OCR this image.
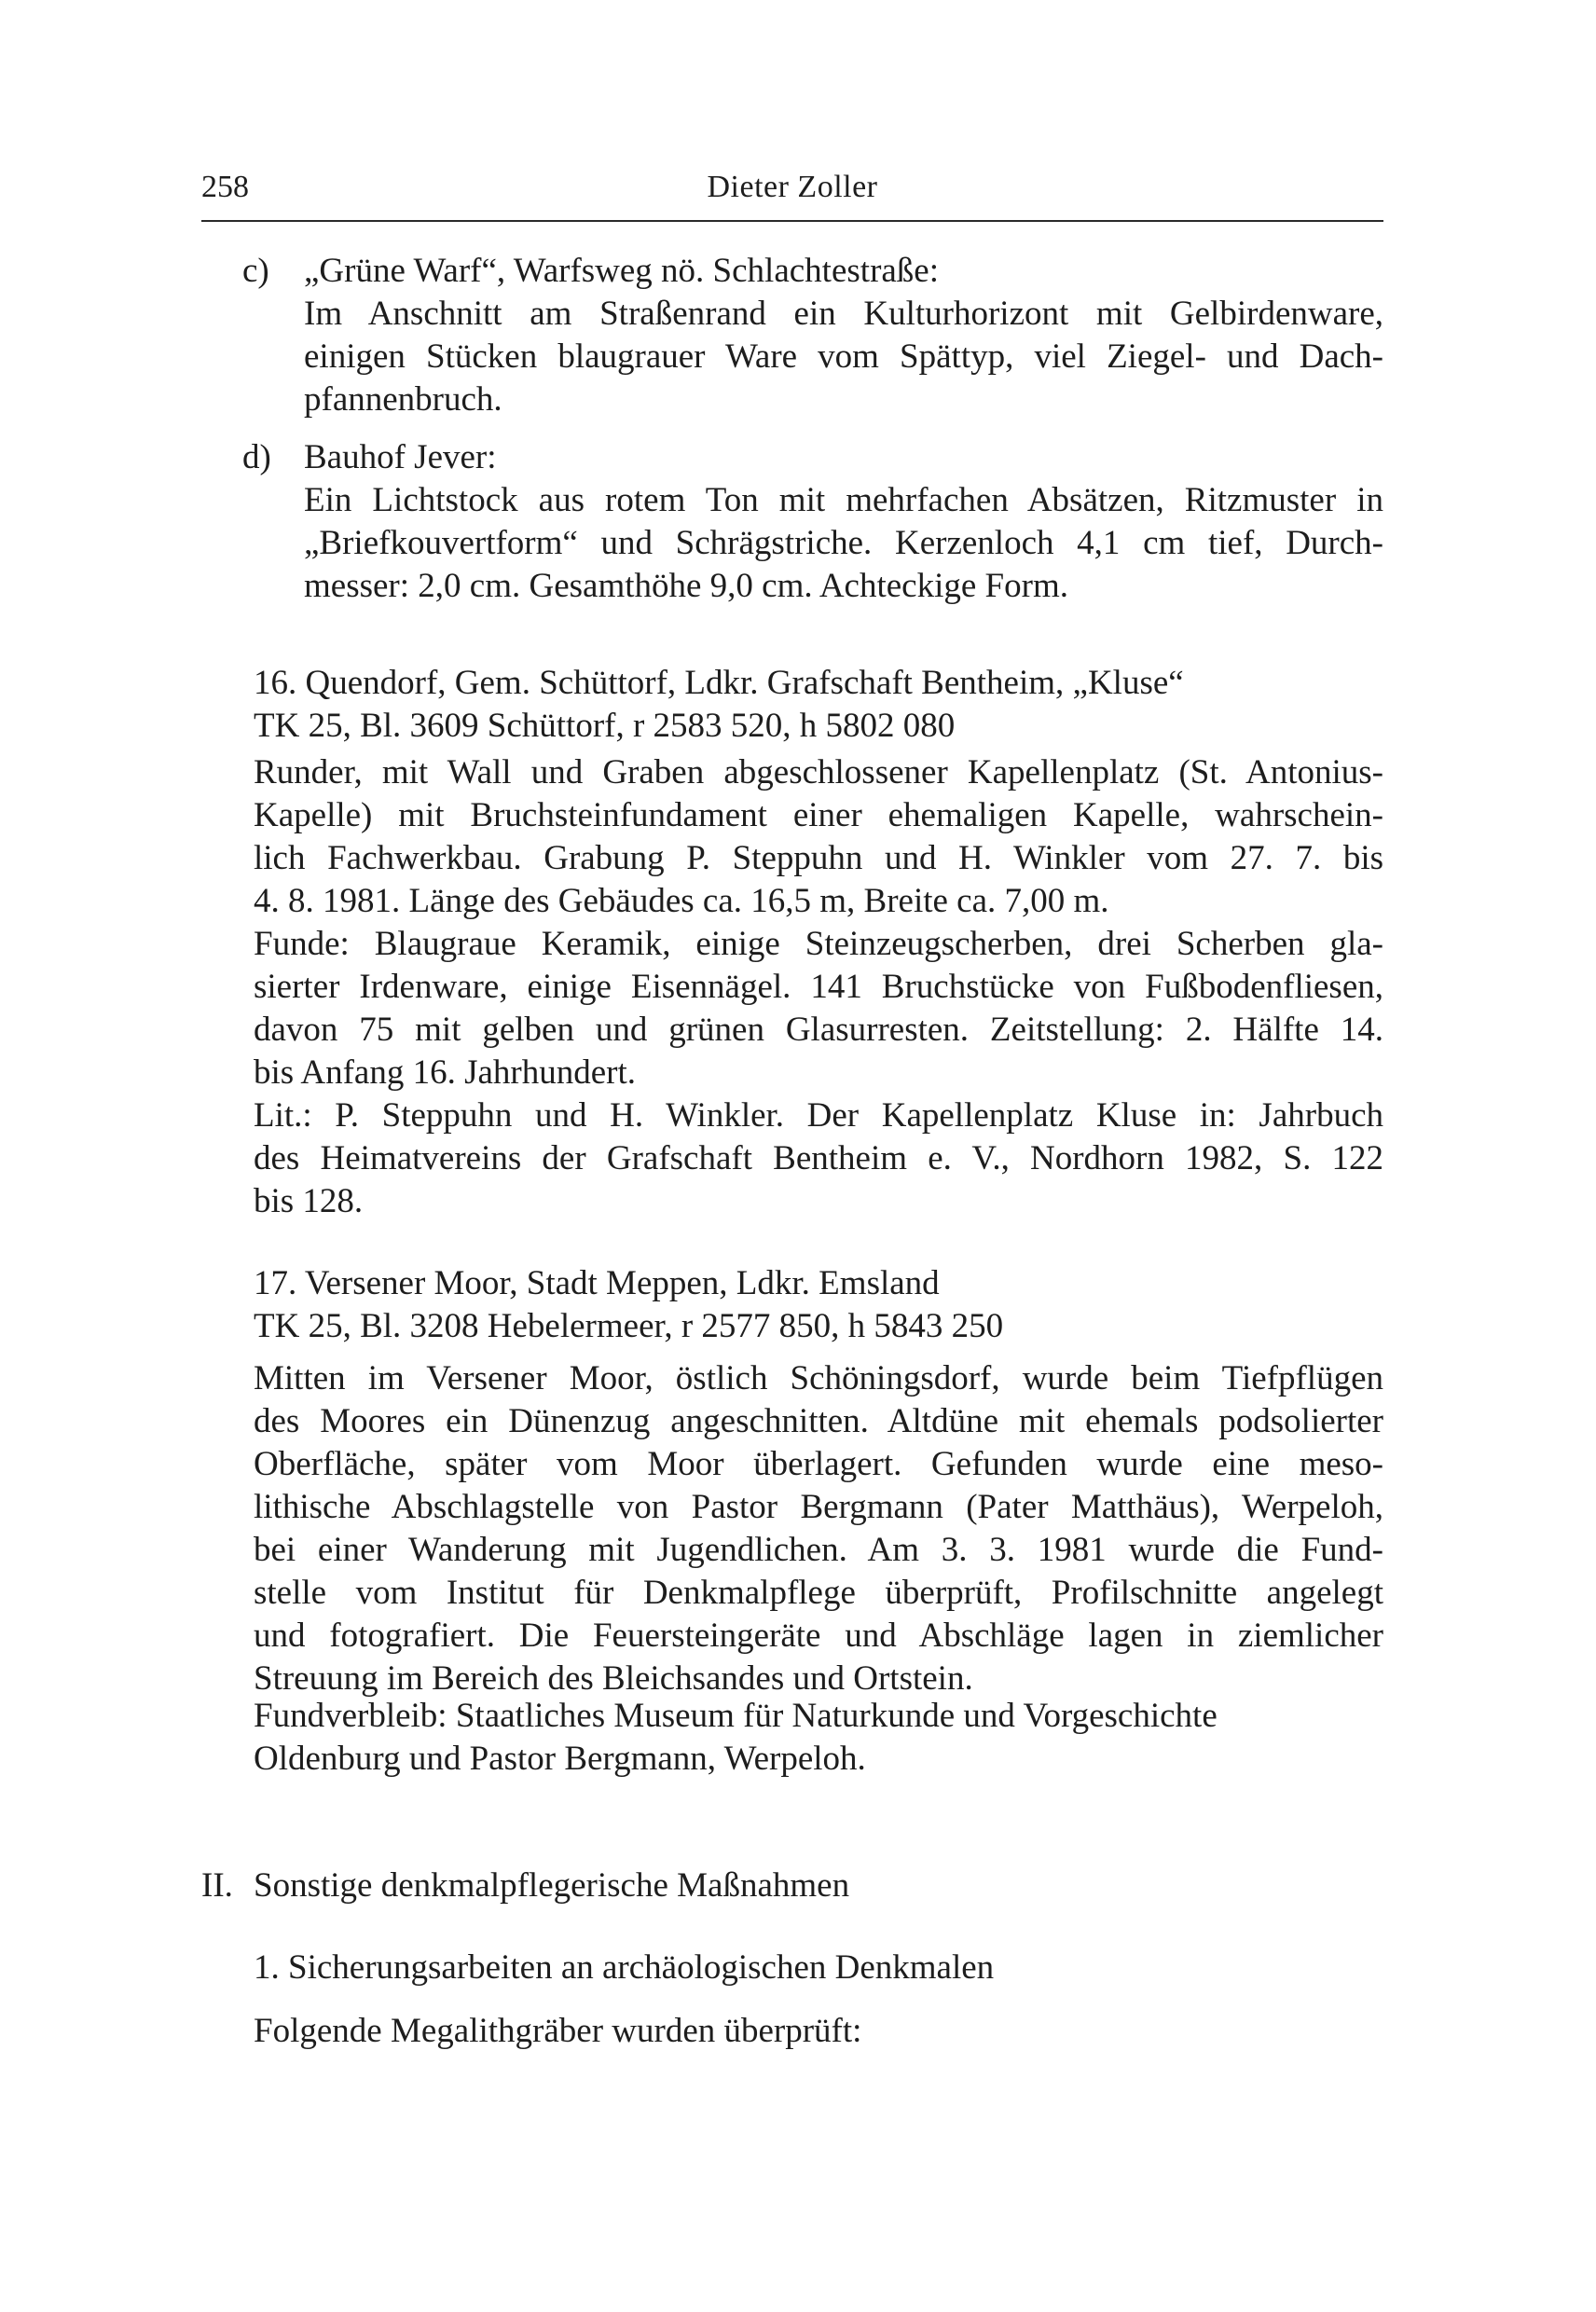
258	Dieter Zoller
c) „Grüne Warf“, Warfsweg nö. Schlachtestraße:
Im Anschnitt am Straßenrand ein Kulturhorizont mit Gelbirdenware,
einigen Stücken blaugrauer Ware vom Spättyp, viel Ziegel- und Dach-
pfannenbruch.
d) Bauhof Jever:
Ein Lichtstock aus rotem Ton mit mehrfachen Absätzen, Ritzmuster in
„Briefkouvertform“ und Schrägstriche. Kerzenloch 4,1 cm tief, Durch-
messer: 2,0 cm. Gesamthöhe 9,0 cm. Achteckige Form.
16. Quendorf, Gem. Schüttorf, Ldkr. Grafschaft Bentheim, „Kluse“
TK 25, Bl. 3609 Schüttorf, r 2583 520, h 5802 080
Runder, mit Wall und Graben abgeschlossener Kapellenplatz (St. Antonius-
Kapelle) mit Bruchsteinfundament einer ehemaligen Kapelle, wahrschein-
lich Fachwerkbau. Grabung P. Steppuhn und H. Winkler vom 27. 7. bis
4. 8. 1981. Länge des Gebäudes ca. 16,5 m, Breite ca. 7,00 m.
Funde: Blaugraue Keramik, einige Steinzeugscherben, drei Scherben gla-
sierter Irdenware, einige Eisennägel. 141 Bruchstücke von Fußbodenfliesen,
davon 75 mit gelben und grünen Glasurresten. Zeitstellung: 2. Hälfte 14.
bis Anfang 16. Jahrhundert.
Lit.: P. Steppuhn und H. Winkler. Der Kapellenplatz Kluse in: Jahrbuch
des Heimatvereins der Grafschaft Bentheim e. V., Nordhorn 1982, S. 122
bis 128.
17. Versener Moor, Stadt Meppen, Ldkr. Emsland
TK 25, Bl. 3208 Hebelermeer, r 2577 850, h 5843 250
Mitten im Versener Moor, östlich Schöningsdorf, wurde beim Tiefpflügen
des Moores ein Dünenzug angeschnitten. Altdüne mit ehemals podsolierter
Oberfläche, später vom Moor überlagert. Gefunden wurde eine meso-
lithische Abschlagstelle von Pastor Bergmann (Pater Matthäus), Werpeloh,
bei einer Wanderung mit Jugendlichen. Am 3. 3. 1981 wurde die Fund-
stelle vom Institut für Denkmalpflege überprüft, Profilschnitte angelegt
und fotografiert. Die Feuersteingeräte und Abschläge lagen in ziemlicher
Streuung im Bereich des Bleichsandes und Ortstein.
Fundverbleib: Staatliches Museum für Naturkunde und Vorgeschichte
Oldenburg und Pastor Bergmann, Werpeloh.
II. Sonstige denkmalpflegerische Maßnahmen
1. Sicherungsarbeiten an archäologischen Denkmalen
Folgende Megalithgräber wurden überprüft:
